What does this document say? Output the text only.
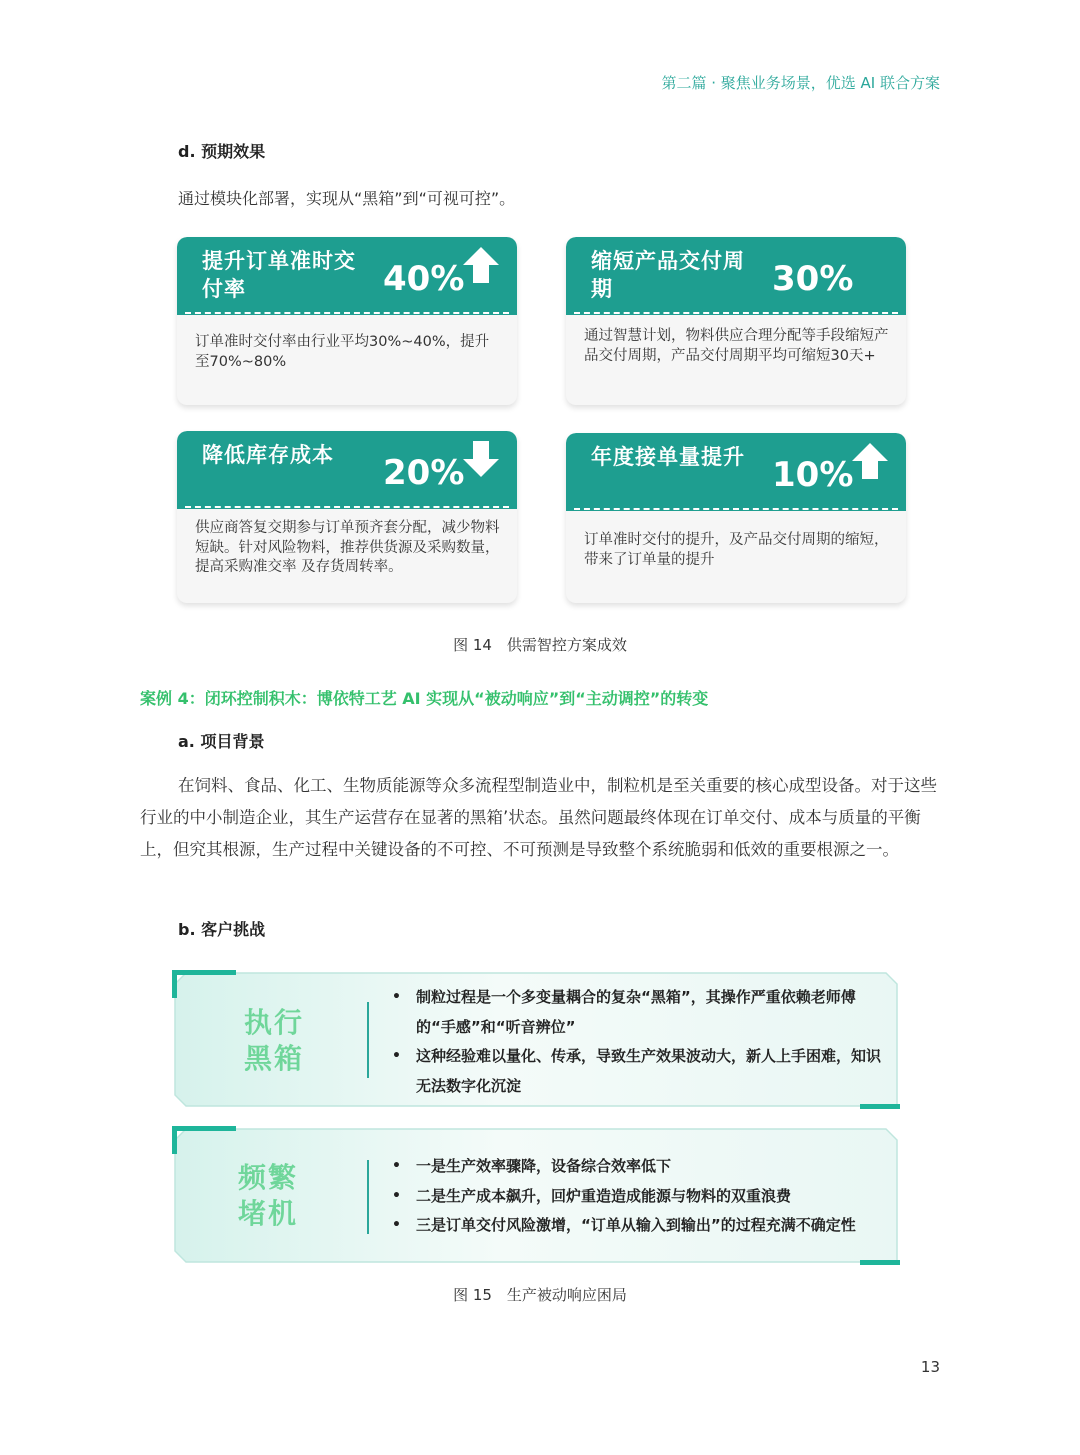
第二篇 · 聚焦业务场景，优选 AI 联合方案
d. 预期效果
通过模块化部署，实现从“黑箱”到“可视可控”。
提升订单准时交付率	40%
订单准时交付率由行业平均30%~40%，提升至70%~80%
缩短产品交付周期	30%
通过智慧计划，物料供应合理分配等手段缩短产品交付周期，产品交付周期平均可缩短30天+
降低库存成本	20%
供应商答复交期参与订单预齐套分配，减少物料短缺。针对风险物料，推荐供货源及采购数量，提高采购准交率 及存货周转率。
年度接单量提升 10%
订单准时交付的提升，及产品交付周期的缩短，带来了订单量的提升
图 14　供需智控方案成效
案例 4：闭环控制积木：博依特工艺 AI 实现从“被动响应”到“主动调控”的转变
a. 项目背景

在饲料、食品、化工、生物质能源等众多流程型制造业中，制粒机是至关重要的核心成型设备。对于这些行业的中小制造企业，其生产运营存在显著的黑箱’状态。虽然问题最终体现在订单交付、成本与质量的平衡上，但究其根源，生产过程中关键设备的不可控、不可预测是导致整个系统脆弱和低效的重要根源之一。

b. 客户挑战
执行黑箱
• 制粒过程是一个多变量耦合的复杂“黑箱”，其操作严重依赖老师傅的“手感”和“听音辨位”
• 这种经验难以量化、传承，导致生产效果波动大，新人上手困难，知识无法数字化沉淀
频繁堵机
• 一是生产效率骤降，设备综合效率低下
• 二是生产成本飙升，回炉重造造成能源与物料的双重浪费
• 三是订单交付风险激增，“订单从输入到输出”的过程充满不确定性
图 15　生产被动响应困局
13
